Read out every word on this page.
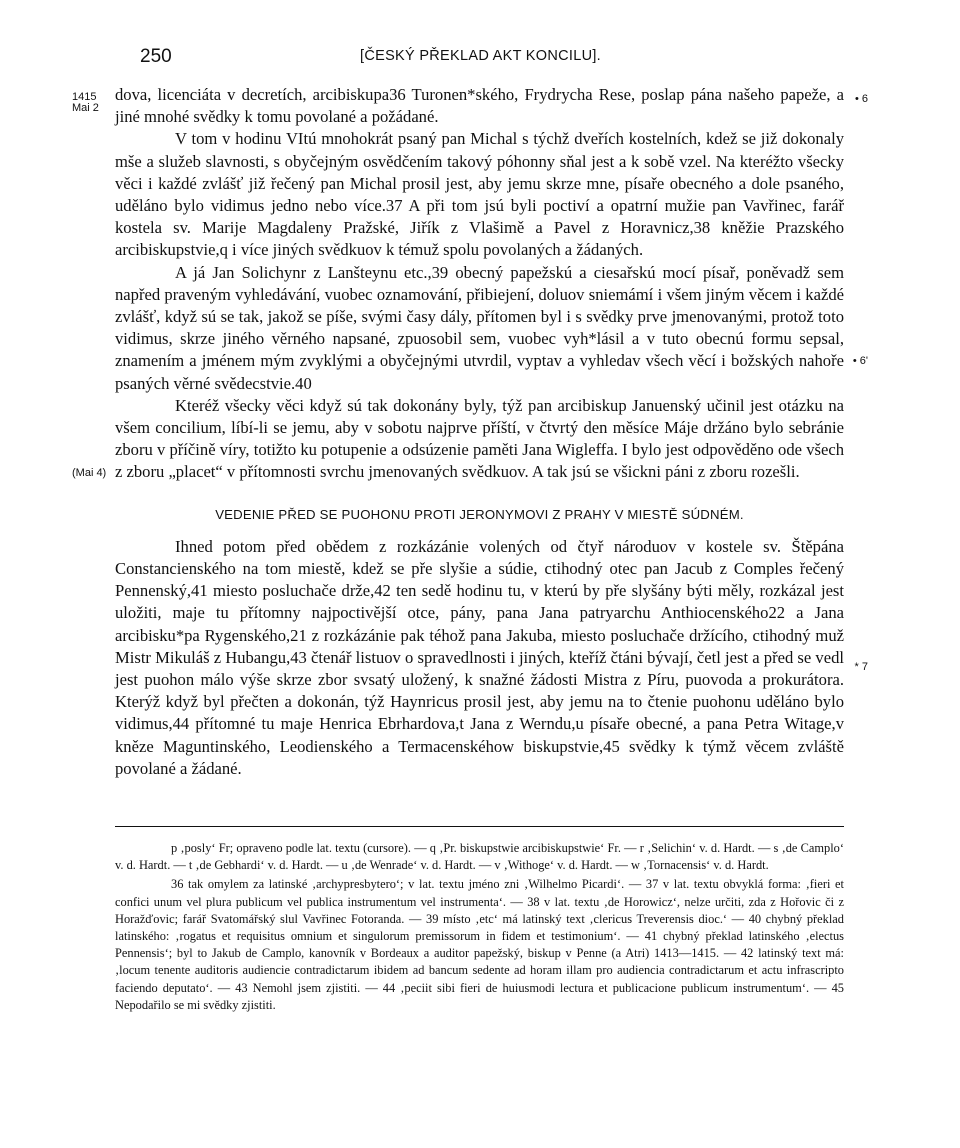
250	[ČESKÝ PŘEKLAD AKT KONCILU].
1415
Mai 2
(Mai 4)
• 6
• 6'
* 7

dova, licenciáta v decretích, arcibiskupa36 Turonen*ského, Frydrycha Rese, poslap pána našeho papeže, a jiné mnohé svědky k tomu povolané a požádané.

V tom v hodinu VItú mnohokrát psaný pan Michal s týchž dveřích kostelních, kdež se již dokonaly mše a služeb slavnosti, s obyčejným osvědčením takový póhonny sňal jest a k sobě vzel. Na kteréžto všecky věci i každé zvlášť již řečený pan Michal prosil jest, aby jemu skrze mne, písaře obecného a dole psaného, uděláno bylo vidimus jedno nebo více.37 A při tom jsú byli poctiví a opatrní mužie pan Vavřinec, farář kostela sv. Marije Magdaleny Pražské, Jiřík z Vlašimě a Pavel z Horavnicz,38 kněžie Prazského arcibiskupstvie,q i více jiných svědkuov k témuž spolu povolaných a žádaných.

A já Jan Solichynr z Lanšteynu etc.,39 obecný papežskú a ciesařskú mocí písař, poněvadž sem napřed praveným vyhledávání, vuobec oznamování, přibiejení, doluov sniemámí i všem jiným věcem i každé zvlášť, když sú se tak, jakož se píše, svými časy dály, přítomen byl i s svědky prve jmenovanými, protož toto vidimus, skrze jiného věrného napsané, zpuosobil sem, vuobec vyh*lásil a v tuto obecnú formu sepsal, znamením a jménem mým zvyklými a obyčejnými utvrdil, vyptav a vyhledav všech věcí i božských nahoře psaných věrné svědecstvie.40

Kteréž všecky věci když sú tak dokonány byly, týž pan arcibiskup Januenský učinil jest otázku na všem concilium, líbí-li se jemu, aby v sobotu najprve příští, v čtvrtý den měsíce Máje držáno bylo sebránie zboru v příčině víry, totižto ku potupenie a odsúzenie paměti Jana Wigleffa. I bylo jest odpověděno ode všech z zboru „placet“ v přítomnosti svrchu jmenovaných svědkuov. A tak jsú se všickni páni z zboru rozešli.

VEDENIE PŘED SE PUOHONU PROTI JERONYMOVI Z PRAHY V MIESTĚ SÚDNÉM.

Ihned potom před obědem z rozkázánie volených od čtyř národuov v kostele sv. Štěpána Constancienského na tom miestě, kdež se pře slyšie a súdie, ctihodný otec pan Jacub z Comples řečený Pennenský,41 miesto posluchače drže,42 ten sedě hodinu tu, v kterú by pře slyšány býti měly, rozkázal jest uložiti, maje tu přítomny najpoctivější otce, pány, pana Jana patryarchu Anthiocenského22 a Jana arcibisku*pa Rygenského,21 z rozkázánie pak téhož pana Jakuba, miesto posluchače držícího, ctihodný muž Mistr Mikuláš z Hubangu,43 čtenář listuov o spravedlnosti i jiných, kteříž čtáni bývají, četl jest a před se vedl jest puohon málo výše skrze zbor svsatý uložený, k snažné žádosti Mistra z Píru, puovoda a prokurátora. Kterýž když byl přečten a dokonán, týž Haynricus prosil jest, aby jemu na to čtenie puohonu uděláno bylo vidimus,44 přítomné tu maje Henrica Ebrhardova,t Jana z Werndu,u písaře obecné, a pana Petra Witage,v kněze Maguntinského, Leodienského a Termacenskéhow biskupstvie,45 svědky k týmž věcem zvláště povolané a žádané.

p ‚posly‘ Fr; opraveno podle lat. textu (cursore). — q ‚Pr. biskupstwie arcibiskupstwie‘ Fr. — r ‚Selichin‘ v. d. Hardt. — s ‚de Camplo‘ v. d. Hardt. — t ‚de Gebhardi‘ v. d. Hardt. — u ‚de Wenrade‘ v. d. Hardt. — v ‚Withoge‘ v. d. Hardt. — w ‚Tornacensis‘ v. d. Hardt.

36 tak omylem za latinské ‚archypresbytero‘; v lat. textu jméno zni ‚Wilhelmo Picardi‘. — 37 v lat. textu obvyklá forma: ‚fieri et confici unum vel plura publicum vel publica instrumentum vel instrumenta‘. — 38 v lat. textu ‚de Horowicz‘, nelze určiti, zda z Hořovic či z Horažďovic; farář Svatomářský slul Vavřinec Fotoranda. — 39 místo ‚etc‘ má latinský text ‚clericus Treverensis dioc.‘ — 40 chybný překlad latinského: ‚rogatus et requisitus omnium et singulorum premissorum in fidem et testimonium‘. — 41 chybný překlad latinského ‚electus Pennensis‘; byl to Jakub de Camplo, kanovník v Bordeaux a auditor papežský, biskup v Penne (a Atri) 1413—1415. — 42 latinský text má: ‚locum tenente auditoris audiencie contradictarum ibidem ad bancum sedente ad horam illam pro audiencia contradictarum et actu infrascripto faciendo deputato‘. — 43 Nemohl jsem zjistiti. — 44 ‚peciit sibi fieri de huiusmodi lectura et publicacione publicum instrumentum‘. — 45 Nepodařilo se mi svědky zjistiti.
